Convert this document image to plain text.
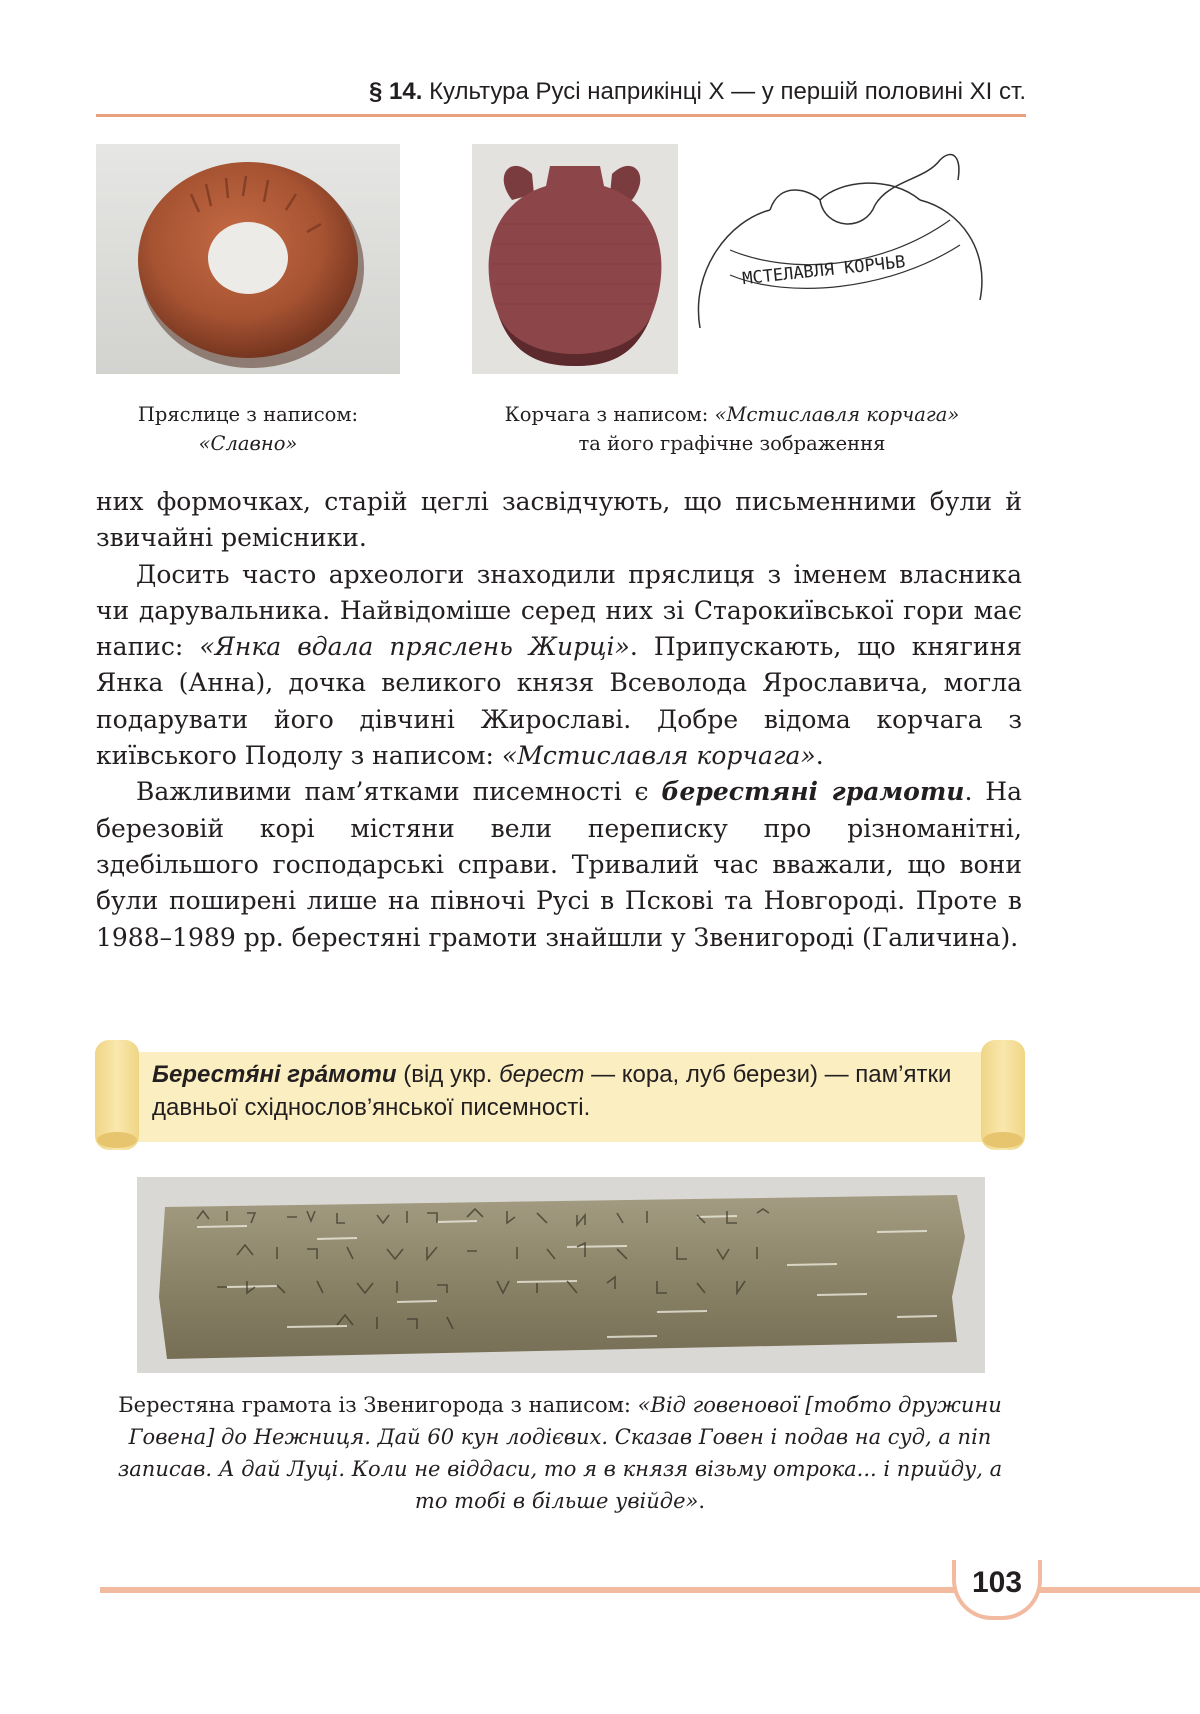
§ 14. Культура Русі наприкінці Х — у першій половині ХІ ст.
МСТЕЛАВЛЯ КОРЧЬВ
Пряслице з написом:
«Славно»
Корчага з написом: «Мстиславля корчага»
та його графічне зображення

них формочках, старій цеглі засвідчують, що письменними були й звичайні ремісники.

Досить часто археологи знаходили пряслиця з іменем власника чи дарувальника. Найвідоміше серед них зі Старокиївської гори має напис: «Янка вдала пряслень Жирці». Припускають, що княгиня Янка (Анна), дочка великого князя Всеволода Ярославича, могла подарувати його дівчині Жирославі. Добре відома корчага з київського Подолу з написом: «Мстиславля корчага».

Важливими пам’ятками писемності є берестяні грамоти. На березовій корі містяни вели переписку про різноманітні, здебільшого господарські справи. Тривалий час вважали, що вони були поширені лише на півночі Русі в Пскові та Новгороді. Проте в 1988–1989 рр. берестяні грамоти знайшли у Звенигороді (Галичина).

Берестя́ні гра́моти (від укр. берест — кора, луб берези) — пам’ятки давньої східнослов’янської писемності.
Берестяна грамота із Звенигорода з написом: «Від говенової [тобто дружини Говена] до Нежниця. Дай 60 кун лодієвих. Сказав Говен і подав на суд, а піп записав. А дай Луці. Коли не віддаси, то я в князя візьму отрока... і прийду, а то тобі в більше увійде».
103
